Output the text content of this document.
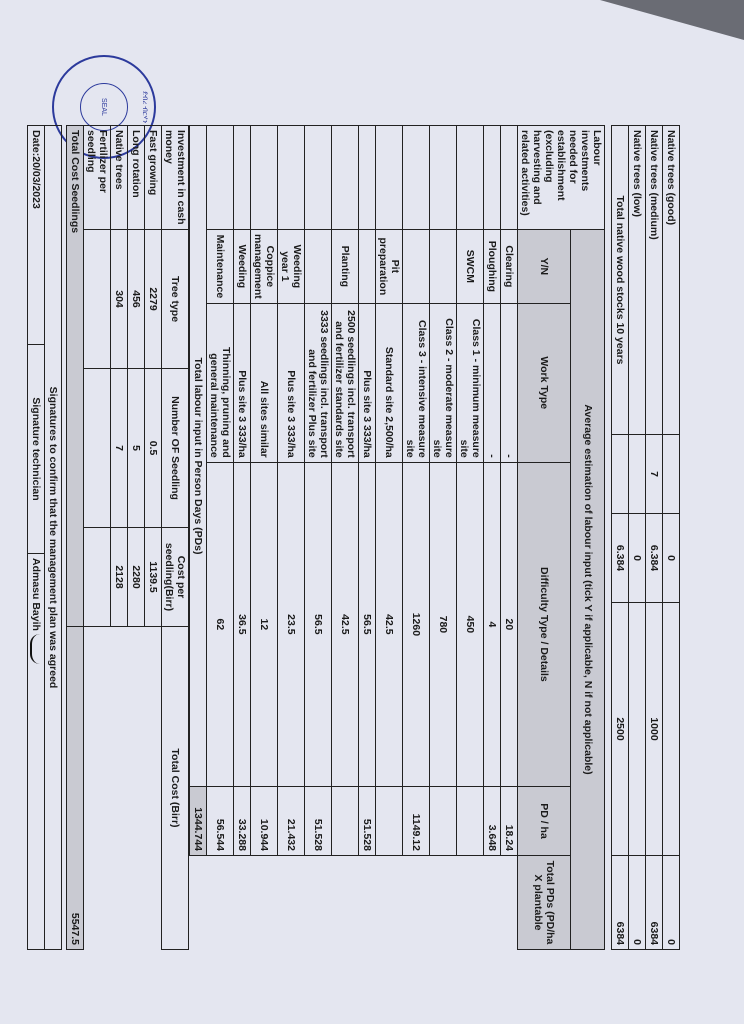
ደብረ ብርሃን
SEAL
Native trees (good)		0		0
Native trees (medium)	7	6.384	1000	6384
Native trees (low)		0		0
Total native wood stocks 10 years		6.384	2500	6384
Labour investments needed for establishment (excluding harvesting and related activities)	Average estimation of labour input (tick Y if applicable, N if not applicable)				
	Y/N	Work Type	Difficulty Type / Details	PD / ha	Total PDs (PD/ha X plantable
	Clearing	-	20	18.24	
	Ploughing	-	4	3.648	
	SWCM	Class 1 - minimum measure site	450		
		Class 2 - moderate measure site	780		
		Class 3 - intensive measure site	1260	1149.12	
	Pit preparation	Standard site 2,500/ha	42.5		
		Plus site 3 333/ha	56.5	51.528	
	Planting	2500 seedlings incl. transport and fertilizer standards site	42.5		
		3333 seedlings incl. transport and fertilizer Plus site	56.5	51.528	
	Weeding year 1	Plus site 3 333/ha	23.5	21.432	
	Coppice management	All sites similar	12	10.944	
	Weeding	Plus site 3 333/ha	36.5	33.288	
	Maintenance	Thinning, pruning and general maintenance	62	56.544	
Total labour input in Person Days (PDs)				1344.744	
Investment in cash money	Tree type	Number OF Seedling	Cost per seedling(Birr)	Total Cost (Birr)
Fast growing	2279	0.5	1139.5	
Long rotation	456	5	2280	
Native trees	304	7	2128	
Fertilizer per seedling				
Total Cost Seedlings				5547.5
Signatures to confirm that the management plan was agreed
Date:20/03/2023	Signature technician	Admasu Bayih
